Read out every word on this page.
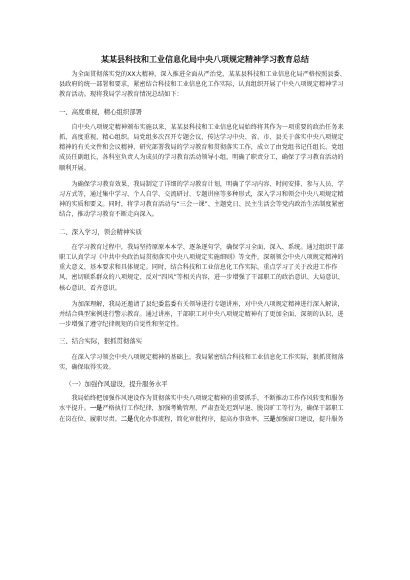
某某县科技和工业信息化局中央八项规定精神学习教育总结

为全面贯彻落实党的XX大精神，深入推进全面从严治党，某某县科技和工业信息化局严格按照县委、县政府的统一部署和要求，紧密结合科技和工业信息化工作实际，认真组织开展了中央八项规定精神学习教育活动。现将我局学习教育情况总结如下：

一、高度重视，精心组织部署

自中央八项规定精神颁布实施以来，某某县科技和工业信息化局始终将其作为一项重要的政治任务来抓，高度重视，精心组织。局党组多次召开专题会议，传达学习中央、省、市、县关于落实中央八项规定精神的有关文件和会议精神，研究部署我局的学习教育和贯彻落实工作，成立了由党组书记任组长、党组成员任副组长，各科室负责人为成员的学习教育活动领导小组，明确了职责分工，确保了学习教育活动的顺利开展。

为确保学习教育效果，我局制定了详细的学习教育计划，明确了学习内容、时间安排、参与人员、学习方式等，通过集中学习、个人自学、交流研讨、专题讲座等多种形式，深入学习和领会中央八项规定精神的实质和要义。同时，将学习教育活动与“三会一课”、主题党日、民主生活会等党内政治生活制度紧密结合，推动学习教育不断走向深入。

二、深入学习，领会精神实质

在学习教育过程中，我局坚持原原本本学、逐条逐句学，确保学习全面、深入、系统。通过组织干部职工认真学习《中共中央政治局贯彻落实中央八项规定实施细则》等文件，深刻领会中央八项规定精神的重大意义、基本要求和具体规定。同时，结合科技和工业信息化工作实际，重点学习了关于改进工作作风、密切联系群众的八项规定、反对“四风”等相关内容，进一步增强了干部职工的政治意识、大局意识、核心意识、看齐意识。

为加深理解，我局还邀请了县纪委监委有关领导进行专题讲座，对中央八项规定精神进行深入解读，并结合典型案例进行警示教育。通过讲座，干部职工对中央八项规定精神有了更加全面、深刻的认识，进一步增强了遵守纪律规矩的自觉性和坚定性。

三、结合实际，狠抓贯彻落实

在深入学习领会中央八项规定精神的基础上，我局紧密结合科技和工业信息化工作实际，狠抓贯彻落实，确保取得实效。

（一）加强作风建设，提升服务水平

我局始终把加强作风建设作为贯彻落实中央八项规定精神的重要抓手，不断推动工作作风转变和服务水平提升。一是严格执行工作纪律，加强考勤管理，严肃查处迟到早退、脱岗旷工等行为，确保干部职工在岗在位、履职尽责。二是优化办事流程，简化审批程序，提高办事效率。三是加强窗口建设，提升服务
